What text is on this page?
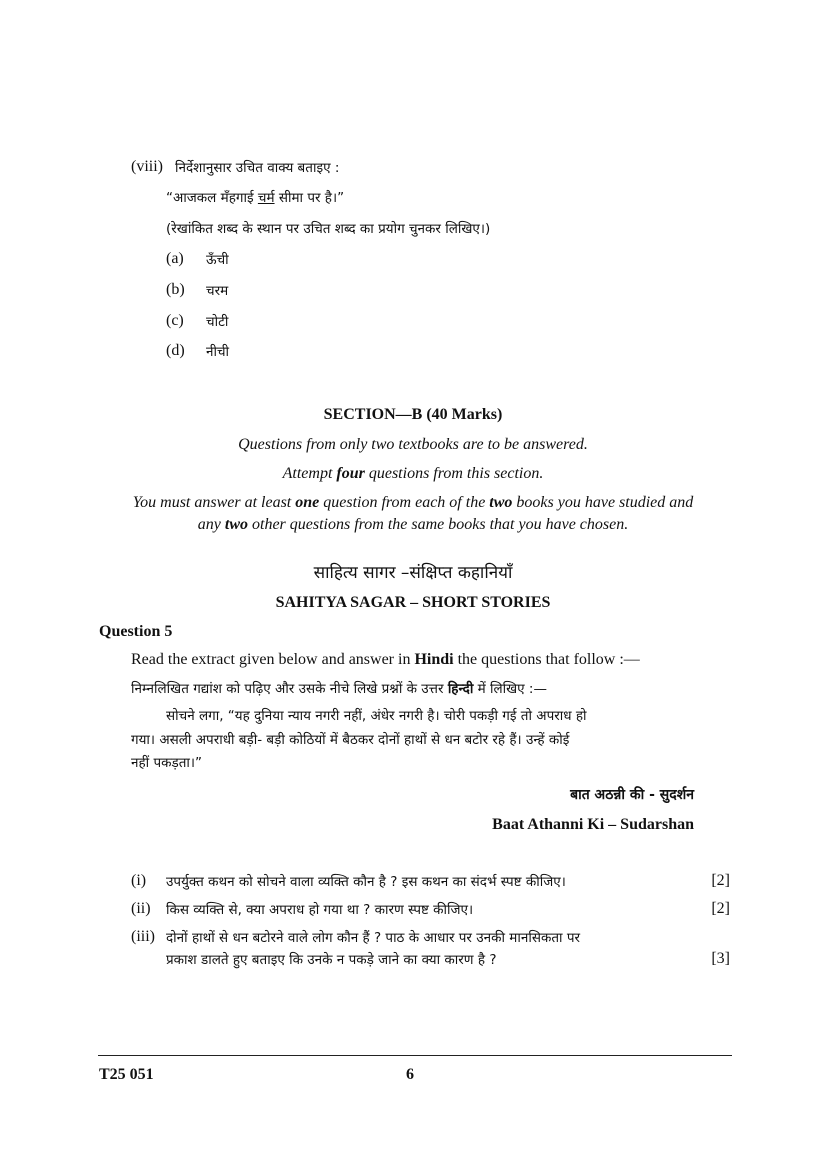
(viii) निर्देशानुसार उचित वाक्य बताइए :
“आजकल मँहगाई चर्म सीमा पर है।”
(रेखांकित शब्द के स्थान पर उचित शब्द का प्रयोग चुनकर लिखिए।)
(a) ऊँची
(b) चरम
(c) चोटी
(d) नीची
SECTION—B (40 Marks)
Questions from only two textbooks are to be answered.
Attempt four questions from this section.
You must answer at least one question from each of the two books you have studied and
any two other questions from the same books that you have chosen.
साहित्य सागर –संक्षिप्त कहानियाँ
SAHITYA SAGAR – SHORT STORIES
Question 5
Read the extract given below and answer in Hindi the questions that follow :—
निम्नलिखित गद्यांश को पढ़िए और उसके नीचे लिखे प्रश्नों के उत्तर हिन्दी में लिखिए :—
सोचने लगा, “यह दुनिया न्याय नगरी नहीं, अंधेर नगरी है। चोरी पकड़ी गई तो अपराध हो
गया। असली अपराधी बड़ी- बड़ी कोठियों में बैठकर दोनों हाथों से धन बटोर रहे हैं। उन्हें कोई
नहीं पकड़ता।”
बात अठन्नी की - सुदर्शन
Baat Athanni Ki – Sudarshan
(i) उपर्युक्त कथन को सोचने वाला व्यक्ति कौन है ? इस कथन का संदर्भ स्पष्ट कीजिए।	[2]
(ii) किस व्यक्ति से, क्या अपराध हो गया था ? कारण स्पष्ट कीजिए।	[2]
(iii) दोनों हाथों से धन बटोरने वाले लोग कौन हैं ? पाठ के आधार पर उनकी मानसिकता पर
प्रकाश डालते हुए बताइए कि उनके न पकड़े जाने का क्या कारण है ?	[3]
T25 051	6
